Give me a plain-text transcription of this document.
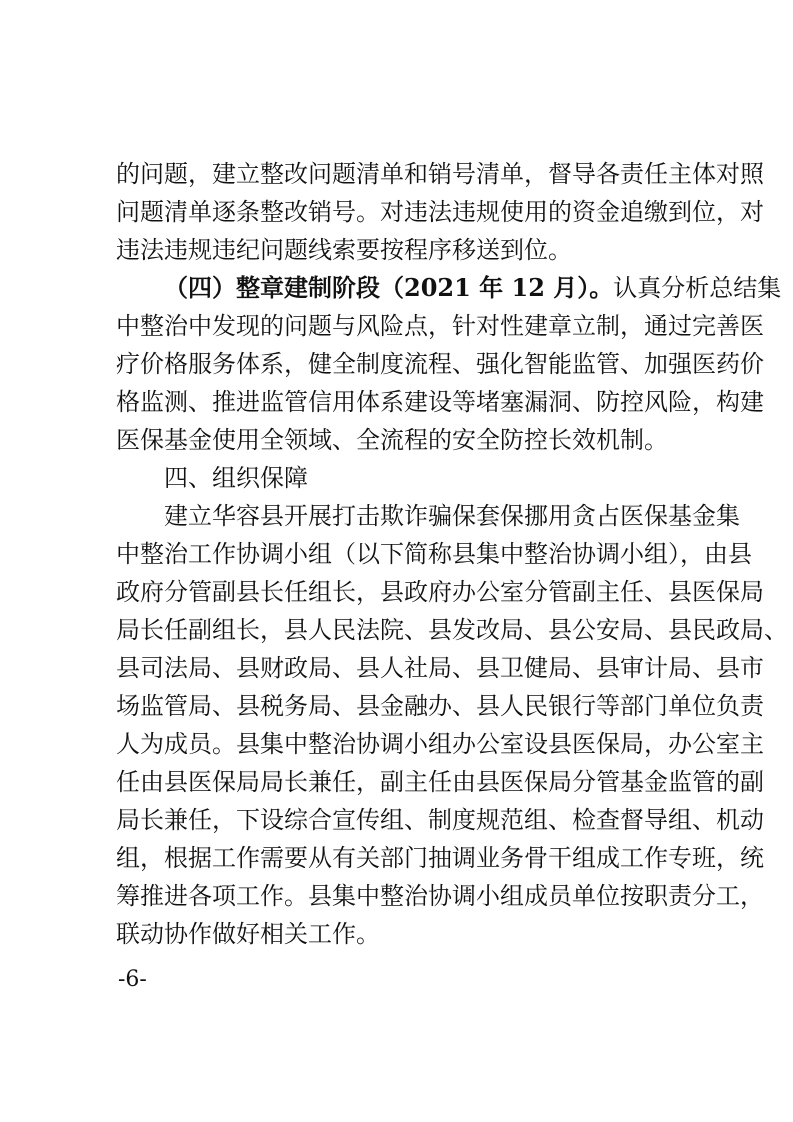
的问题，建立整改问题清单和销号清单，督导各责任主体对照
问题清单逐条整改销号。对违法违规使用的资金追缴到位，对
违法违规违纪问题线索要按程序移送到位。
（四）整章建制阶段（2021 年 12 月）。认真分析总结集
中整治中发现的问题与风险点，针对性建章立制，通过完善医
疗价格服务体系，健全制度流程、强化智能监管、加强医药价
格监测、推进监管信用体系建设等堵塞漏洞、防控风险，构建
医保基金使用全领域、全流程的安全防控长效机制。
四、组织保障
建立华容县开展打击欺诈骗保套保挪用贪占医保基金集
中整治工作协调小组（以下简称县集中整治协调小组），由县
政府分管副县长任组长，县政府办公室分管副主任、县医保局
局长任副组长，县人民法院、县发改局、县公安局、县民政局、
县司法局、县财政局、县人社局、县卫健局、县审计局、县市
场监管局、县税务局、县金融办、县人民银行等部门单位负责
人为成员。县集中整治协调小组办公室设县医保局，办公室主
任由县医保局局长兼任，副主任由县医保局分管基金监管的副
局长兼任，下设综合宣传组、制度规范组、检查督导组、机动
组，根据工作需要从有关部门抽调业务骨干组成工作专班，统
筹推进各项工作。县集中整治协调小组成员单位按职责分工，
联动协作做好相关工作。
-6-
